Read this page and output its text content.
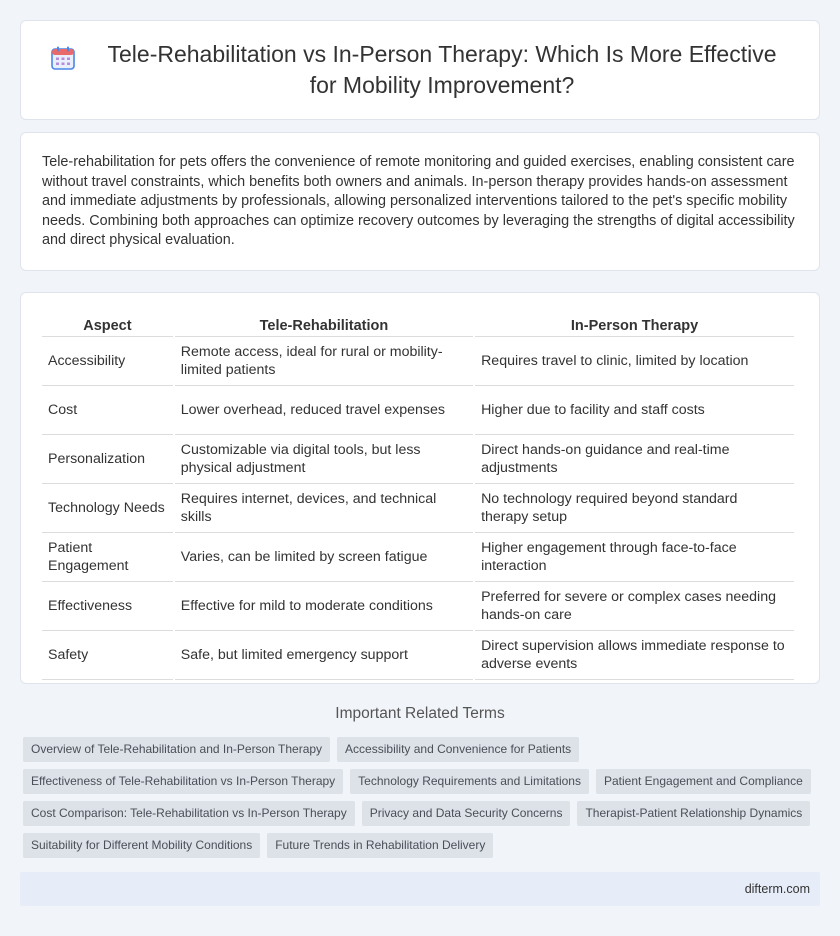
Tele-Rehabilitation vs In-Person Therapy: Which Is More Effective for Mobility Improvement?

Tele-rehabilitation for pets offers the convenience of remote monitoring and guided exercises, enabling consistent care without travel constraints, which benefits both owners and animals. In-person therapy provides hands-on assessment and immediate adjustments by professionals, allowing personalized interventions tailored to the pet's specific mobility needs. Combining both approaches can optimize recovery outcomes by leveraging the strengths of digital accessibility and direct physical evaluation.

Aspect	Tele-Rehabilitation	In-Person Therapy
Accessibility	Remote access, ideal for rural or mobility-limited patients	Requires travel to clinic, limited by location
Cost	Lower overhead, reduced travel expenses	Higher due to facility and staff costs
Personalization	Customizable via digital tools, but less physical adjustment	Direct hands-on guidance and real-time adjustments
Technology Needs	Requires internet, devices, and technical skills	No technology required beyond standard therapy setup
Patient Engagement	Varies, can be limited by screen fatigue	Higher engagement through face-to-face interaction
Effectiveness	Effective for mild to moderate conditions	Preferred for severe or complex cases needing hands-on care
Safety	Safe, but limited emergency support	Direct supervision allows immediate response to adverse events
Important Related Terms
Overview of Tele-Rehabilitation and In-Person Therapy	Accessibility and Convenience for Patients
Effectiveness of Tele-Rehabilitation vs In-Person Therapy	Technology Requirements and Limitations	Patient Engagement and Compliance
Cost Comparison: Tele-Rehabilitation vs In-Person Therapy	Privacy and Data Security Concerns	Therapist-Patient Relationship Dynamics
Suitability for Different Mobility Conditions	Future Trends in Rehabilitation Delivery
difterm.com
